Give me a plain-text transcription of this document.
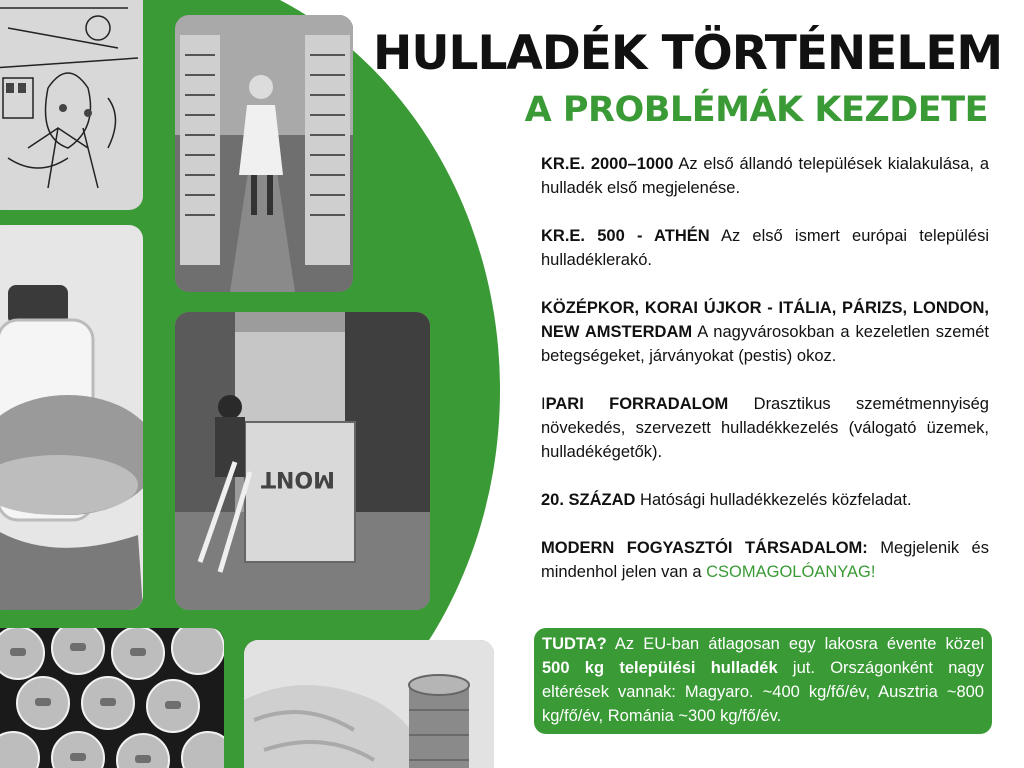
MONT
HULLADÉK TÖRTÉNELEM
A PROBLÉMÁK KEZDETE

KR.E. 2000–1000 Az első állandó települések kialakulása, a hulladék első megjelenése.

KR.E. 500 - ATHÉN Az első ismert európai települési hulladéklerakó.

KÖZÉPKOR, KORAI ÚJKOR - ITÁLIA, PÁRIZS, LONDON, NEW AMSTERDAM A nagyvárosokban a kezeletlen szemét betegségeket, járványokat (pestis) okoz.

IPARI FORRADALOM Drasztikus szemétmennyiség növekedés, szervezett hulladékkezelés (válogató üzemek, hulladékégetők).

20. SZÁZAD Hatósági hulladékkezelés közfeladat.

MODERN FOGYASZTÓI TÁRSADALOM: Megjelenik és mindenhol jelen van a CSOMAGOLÓANYAG!

TUDTA? Az EU-ban átlagosan egy lakosra évente közel 500 kg települési hulladék jut. Országonként nagy eltérések vannak: Magyaro. ~400 kg/fő/év, Ausztria ~800 kg/fő/év, Románia ~300 kg/fő/év.
